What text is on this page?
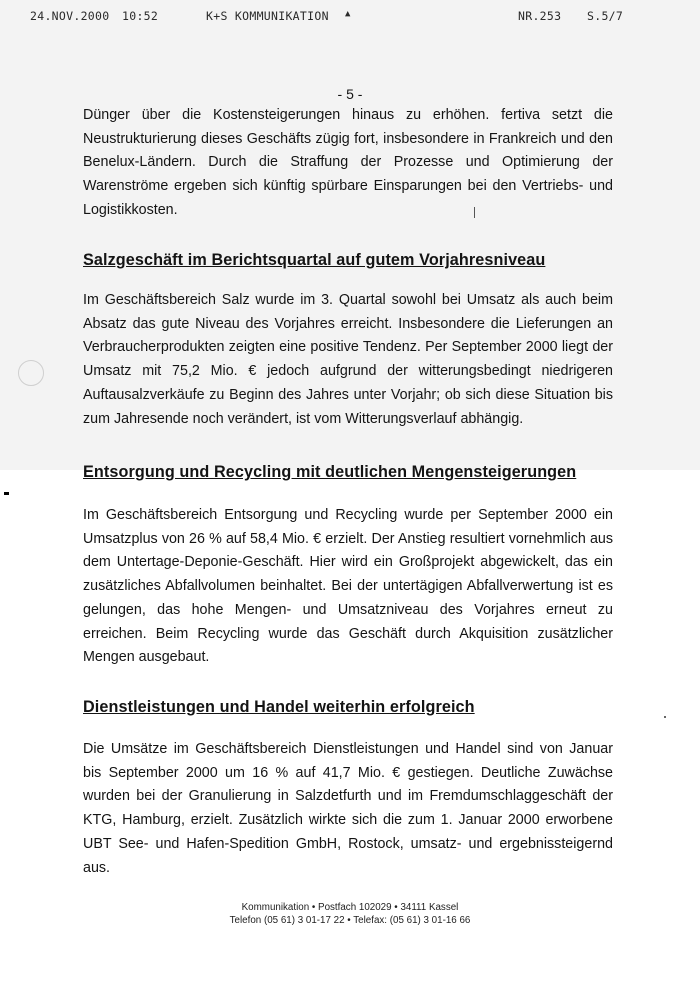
24.NOV.2000 10:52	K+S KOMMUNIKATION ▲	NR.253 S.5/7
- 5 -

Dünger über die Kostensteigerungen hinaus zu erhöhen. fertiva setzt die Neustrukturierung dieses Geschäfts zügig fort, insbesondere in Frankreich und den Benelux-Ländern. Durch die Straffung der Prozesse und Optimierung der Warenströme ergeben sich künftig spürbare Einsparungen bei den Vertriebs- und Logistikkosten.

Salzgeschäft im Berichtsquartal auf gutem Vorjahresniveau

Im Geschäftsbereich Salz wurde im 3. Quartal sowohl bei Umsatz als auch beim Absatz das gute Niveau des Vorjahres erreicht. Insbesondere die Lieferungen an Verbraucherprodukten zeigten eine positive Tendenz. Per September 2000 liegt der Umsatz mit 75,2 Mio. € jedoch aufgrund der witterungsbedingt niedrigeren Auftausalzverkäufe zu Beginn des Jahres unter Vorjahr; ob sich diese Situation bis zum Jahresende noch verändert, ist vom Witterungsverlauf abhängig.

Entsorgung und Recycling mit deutlichen Mengensteigerungen

Im Geschäftsbereich Entsorgung und Recycling wurde per September 2000 ein Umsatzplus von 26 % auf 58,4 Mio. € erzielt. Der Anstieg resultiert vornehmlich aus dem Untertage-Deponie-Geschäft. Hier wird ein Großprojekt abgewickelt, das ein zusätzliches Abfallvolumen beinhaltet. Bei der untertägigen Abfallverwertung ist es gelungen, das hohe Mengen- und Umsatzniveau des Vorjahres erneut zu erreichen. Beim Recycling wurde das Geschäft durch Akquisition zusätzlicher Mengen ausgebaut.

Dienstleistungen und Handel weiterhin erfolgreich

Die Umsätze im Geschäftsbereich Dienstleistungen und Handel sind von Januar bis September 2000 um 16 % auf 41,7 Mio. € gestiegen. Deutliche Zuwächse wurden bei der Granulierung in Salzdetfurth und im Fremdumschlaggeschäft der KTG, Hamburg, erzielt. Zusätzlich wirkte sich die zum 1. Januar 2000 erworbene UBT See- und Hafen-Spedition GmbH, Rostock, umsatz- und ergebnissteigernd aus.

Kommunikation • Postfach 102029 • 34111 Kassel
Telefon (05 61) 3 01-17 22 • Telefax: (05 61) 3 01-16 66
